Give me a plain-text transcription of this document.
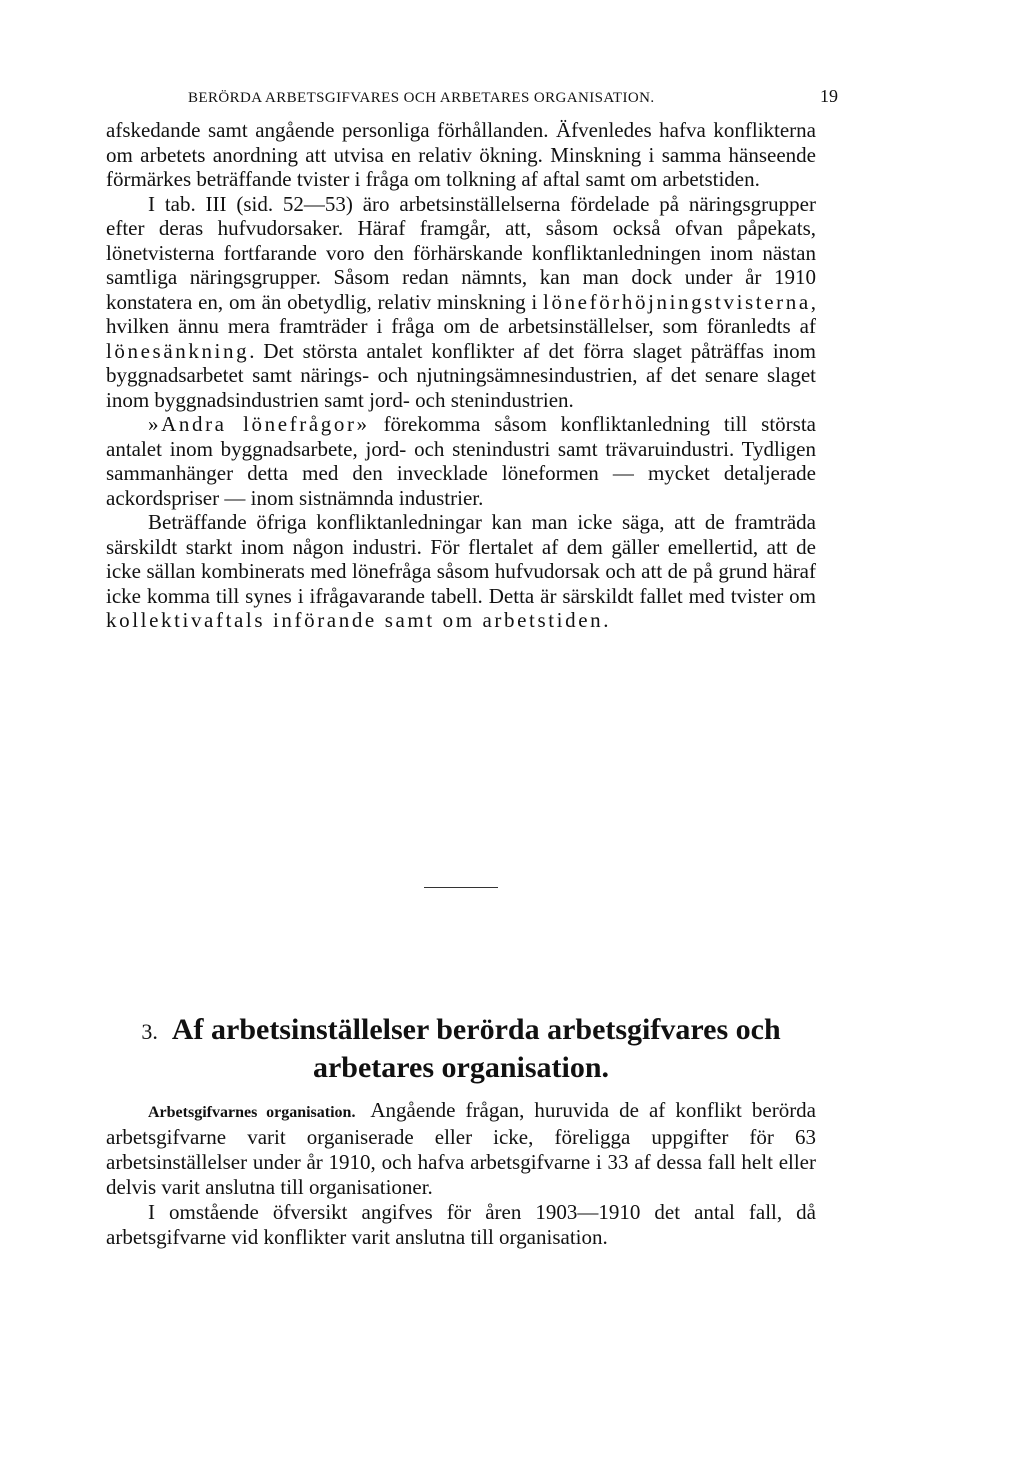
BERÖRDA ARBETSGIFVARES OCH ARBETARES ORGANISATION.	19

afskedande samt angående personliga förhållanden. Äfvenledes hafva konflikterna om arbetets anordning att utvisa en relativ ökning. Minskning i samma hänseende förmärkes beträffande tvister i fråga om tolkning af aftal samt om arbetstiden.

I tab. III (sid. 52—53) äro arbetsinställelserna fördelade på näringsgrupper efter deras hufvudorsaker. Häraf framgår, att, såsom också ofvan påpekats, lönetvisterna fortfarande voro den förhärskande konfliktanledningen inom nästan samtliga näringsgrupper. Såsom redan nämnts, kan man dock under år 1910 konstatera en, om än obetydlig, relativ minskning i löneförhöjningstvisterna, hvilken ännu mera framträder i fråga om de arbetsinställelser, som föranledts af lönesänkning. Det största antalet konflikter af det förra slaget påträffas inom byggnadsarbetet samt närings- och njutningsämnesindustrien, af det senare slaget inom byggnadsindustrien samt jord- och stenindustrien.

»Andra lönefrågor» förekomma såsom konfliktanledning till största antalet inom byggnadsarbete, jord- och stenindustri samt trävaruindustri. Tydligen sammanhänger detta med den invecklade löneformen — mycket detaljerade ackordspriser — inom sistnämnda industrier.

Beträffande öfriga konfliktanledningar kan man icke säga, att de framträda särskildt starkt inom någon industri. För flertalet af dem gäller emellertid, att de icke sällan kombinerats med lönefråga såsom hufvudorsak och att de på grund häraf icke komma till synes i ifrågavarande tabell. Detta är särskildt fallet med tvister om kollektivaftals införande samt om arbetstiden.

3. Af arbetsinställelser berörda arbetsgifvares och arbetares organisation.

Arbetsgifvarnes organisation. Angående frågan, huruvida de af konflikt berörda arbetsgifvarne varit organiserade eller icke, föreligga uppgifter för 63 arbetsinställelser under år 1910, och hafva arbetsgifvarne i 33 af dessa fall helt eller delvis varit anslutna till organisationer.

I omstående öfversikt angifves för åren 1903—1910 det antal fall, då arbetsgifvarne vid konflikter varit anslutna till organisation.
